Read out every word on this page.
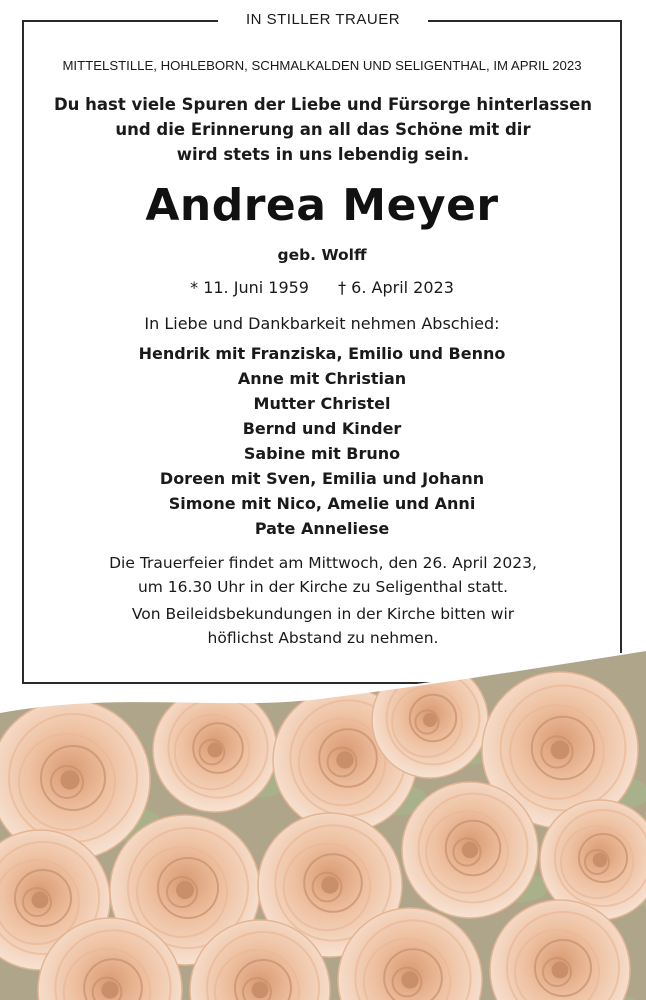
IN STILLER TRAUER
MITTELSTILLE, HOHLEBORN, SCHMALKALDEN UND SELIGENTHAL, IM APRIL 2023
Du hast viele Spuren der Liebe und Fürsorge hinterlassen
und die Erinnerung an all das Schöne mit dir
wird stets in uns lebendig sein.
Andrea Meyer
geb. Wolff
* 11. Juni 1959 † 6. April 2023
In Liebe und Dankbarkeit nehmen Abschied:
Hendrik mit Franziska, Emilio und Benno
Anne mit Christian
Mutter Christel
Bernd und Kinder
Sabine mit Bruno
Doreen mit Sven, Emilia und Johann
Simone mit Nico, Amelie und Anni
Pate Anneliese
Die Trauerfeier findet am Mittwoch, den 26. April 2023,
um 16.30 Uhr in der Kirche zu Seligenthal statt.
Von Beileidsbekundungen in der Kirche bitten wir
höflichst Abstand zu nehmen.
